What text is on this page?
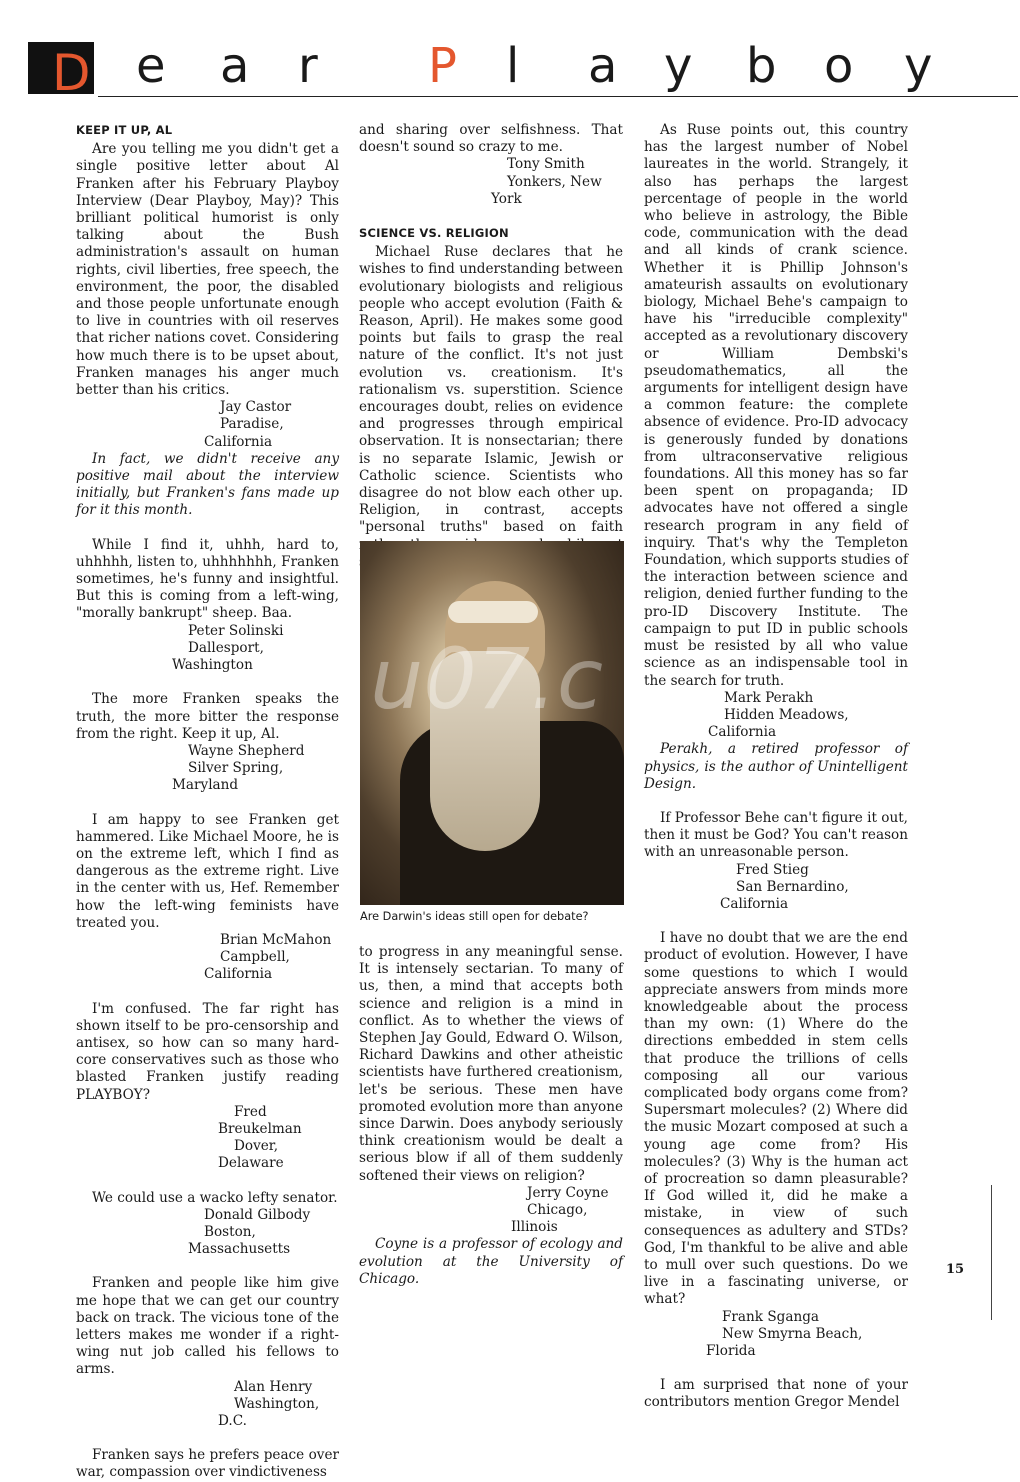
D e a r P l a y b o y
KEEP IT UP, AL

Are you telling me you didn't get a single positive letter about Al Franken after his February Playboy Interview (Dear Playboy, May)? This brilliant political humorist is only talking about the Bush administration's assault on human rights, civil liberties, free speech, the environment, the poor, the disabled and those people unfortunate enough to live in countries with oil reserves that richer nations covet. Considering how much there is to be upset about, Franken manages his anger much better than his critics.

Jay Castor

Paradise, California

In fact, we didn't receive any positive mail about the interview initially, but Franken's fans made up for it this month.

While I find it, uhhh, hard to, uhhhhh, listen to, uhhhhhhh, Franken sometimes, he's funny and insightful. But this is coming from a left-wing, "morally bankrupt" sheep. Baa.

Peter Solinski

Dallesport, Washington

The more Franken speaks the truth, the more bitter the response from the right. Keep it up, Al.

Wayne Shepherd

Silver Spring, Maryland

I am happy to see Franken get hammered. Like Michael Moore, he is on the extreme left, which I find as dangerous as the extreme right. Live in the center with us, Hef. Remember how the left-wing feminists have treated you.

Brian McMahon

Campbell, California

I'm confused. The far right has shown itself to be pro-censorship and antisex, so how can so many hard-core conservatives such as those who blasted Franken justify reading PLAYBOY?

Fred Breukelman

Dover, Delaware

We could use a wacko lefty senator.

Donald Gilbody

Boston, Massachusetts

Franken and people like him give me hope that we can get our country back on track. The vicious tone of the letters makes me wonder if a right-wing nut job called his fellows to arms.

Alan Henry

Washington, D.C.

Franken says he prefers peace over war, compassion over vindictiveness

and sharing over selfishness. That doesn't sound so crazy to me.

Tony Smith

Yonkers, New York

SCIENCE VS. RELIGION

Michael Ruse declares that he wishes to find understanding between evolutionary biologists and religious people who accept evolution (Faith & Reason, April). He makes some good points but fails to grasp the real nature of the conflict. It's not just evolution vs. creationism. It's rationalism vs. superstition. Science encourages doubt, relies on evidence and progresses through empirical observation. It is nonsectarian; there is no separate Islamic, Jewish or Catholic science. Scientists who disagree do not blow each other up. Religion, in contrast, accepts "personal truths" based on faith

Are Darwin's ideas still open for debate?

to progress in any meaningful sense. It is intensely sectarian. To many of us, then, a mind that accepts both science and religion is a mind in conflict. As to whether the views of Stephen Jay Gould, Edward O. Wilson, Richard Dawkins and other atheistic scientists have furthered creationism, let's be serious. These men have promoted evolution more than anyone since Darwin. Does anybody seriously think creationism would be dealt a serious blow if all of them suddenly softened their views on religion?

Jerry Coyne

Chicago, Illinois

Coyne is a professor of ecology and evolution at the University of Chicago.

As Ruse points out, this country has the largest number of Nobel laureates in the world. Strangely, it also has perhaps the largest percentage of people in the world who believe in astrology, the Bible code, communication with the dead and all kinds of crank science. Whether it is Phillip Johnson's amateurish assaults on evolutionary biology, Michael Behe's campaign to have his "irreducible complexity" accepted as a revolutionary discovery or William Dembski's pseudomathematics, all the arguments for intelligent design have a common feature: the complete absence of evidence. Pro-ID advocacy is generously funded by donations from ultraconservative religious foundations. All this money has so far been spent on propaganda; ID advocates have not offered a single research program in any field of inquiry. That's why the Templeton Foundation, which supports studies of the interaction between science and religion, denied further funding to the pro-ID Discovery Institute. The campaign to put ID in public schools must be resisted by all who value science as an indispensable tool in the search for truth.

Mark Perakh

Hidden Meadows, California

Perakh, a retired professor of physics, is the author of Unintelligent Design.

If Professor Behe can't figure it out, then it must be God? You can't reason with an unreasonable person.

Fred Stieg

San Bernardino, California

I have no doubt that we are the end product of evolution. However, I have some questions to which I would appreciate answers from minds more knowledgeable about the process than my own: (1) Where do the directions embedded in stem cells that produce the trillions of cells composing all our various complicated body organs come from? Supersmart molecules? (2) Where did the music Mozart composed at such a young age come from? His molecules? (3) Why is the human act of procreation so damn pleasurable? If God willed it, did he make a mistake, in view of such consequences as adultery and STDs? God, I'm thankful to be alive and able to mull over such questions. Do we live in a fascinating universe, or what?

Frank Sganga

New Smyrna Beach, Florida

I am surprised that none of your contributors mention Gregor Mendel

u07.c
15
